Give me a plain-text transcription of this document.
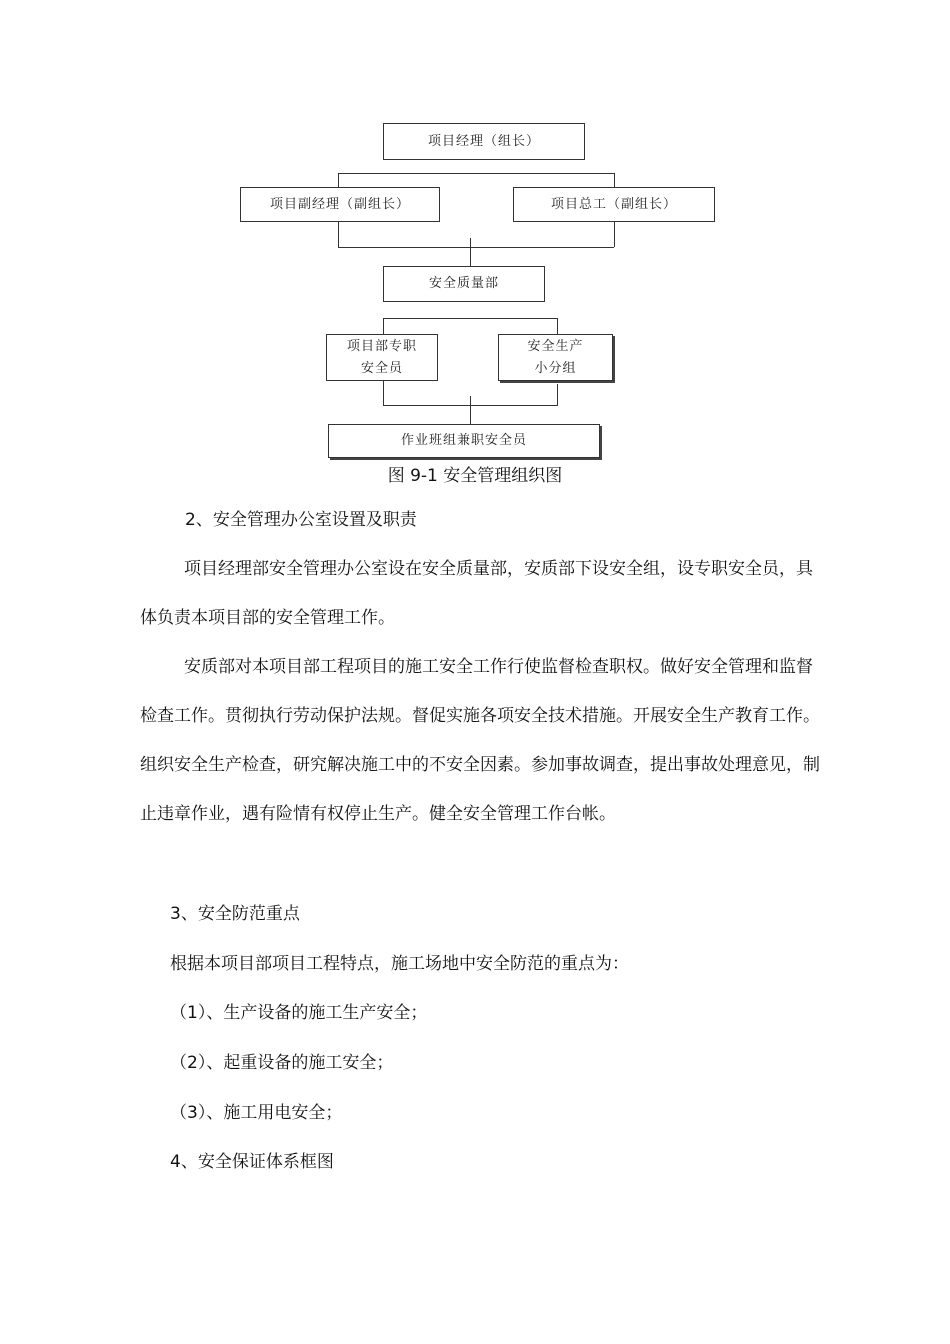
项目经理（组长）
项目副经理（副组长）	项目总工（副组长）
安全质量部
项目部专职
安全员
安全生产
小分组
作业班组兼职安全员
图 9-1 安全管理组织图

2、安全管理办公室设置及职责

项目经理部安全管理办公室设在安全质量部，安质部下设安全组，设专职安全员，具体负责本项目部的安全管理工作。

安质部对本项目部工程项目的施工安全工作行使监督检查职权。做好安全管理和监督检查工作。贯彻执行劳动保护法规。督促实施各项安全技术措施。开展安全生产教育工作。组织安全生产检查，研究解决施工中的不安全因素。参加事故调查，提出事故处理意见，制止违章作业，遇有险情有权停止生产。健全安全管理工作台帐。

3、安全防范重点

根据本项目部项目工程特点，施工场地中安全防范的重点为：

（1）、生产设备的施工生产安全；

（2）、起重设备的施工安全；

（3）、施工用电安全；

4、安全保证体系框图
